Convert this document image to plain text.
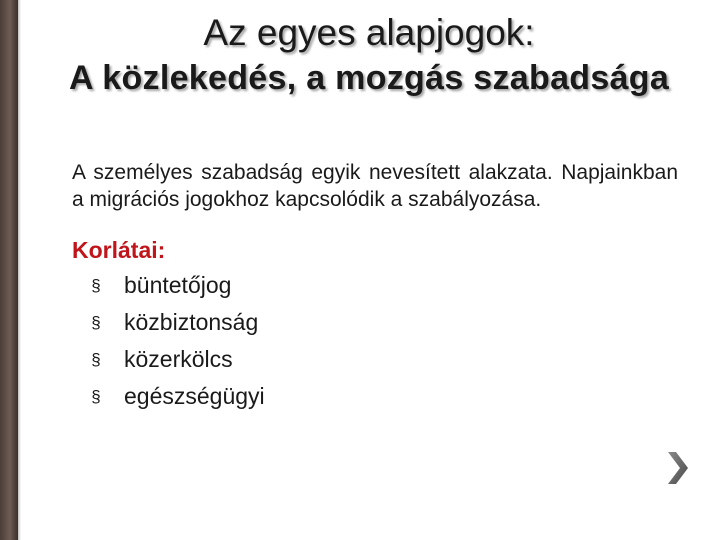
Az egyes alapjogok:

A közlekedés, a mozgás szabadsága

A személyes szabadság egyik nevesített alakzata. Napjainkban a migrációs jogokhoz kapcsolódik a szabályozása.

Korlátai:

§ büntetőjog
§ közbiztonság
§ közerkölcs
§ egészségügyi
